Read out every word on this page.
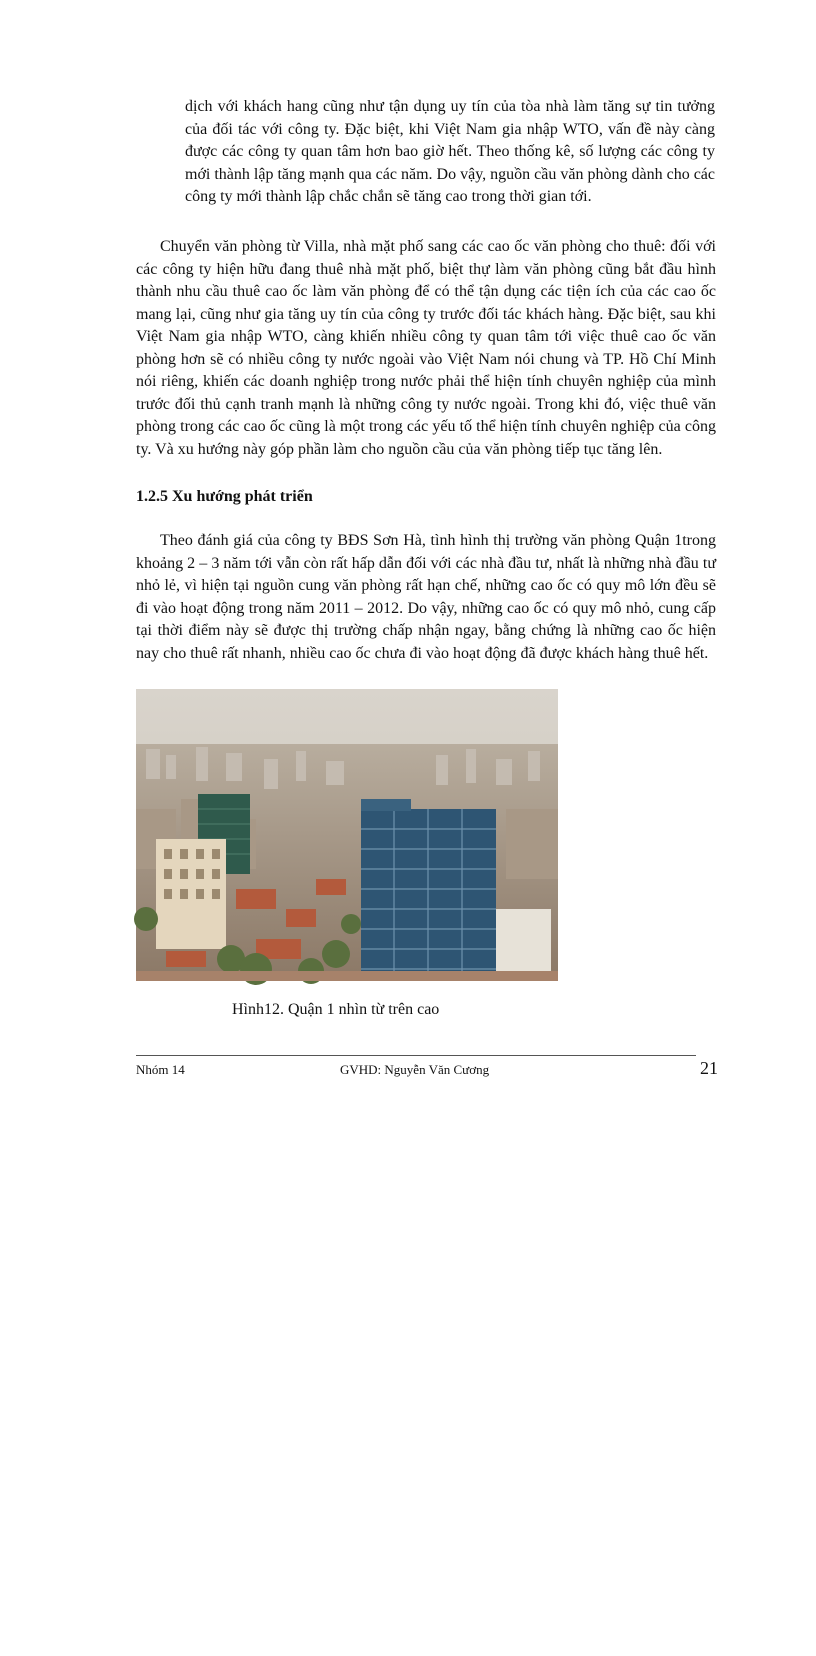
dịch với khách hang cũng như tận dụng uy tín của tòa nhà làm tăng sự tin tưởng của đối tác với công ty. Đặc biệt, khi Việt Nam gia nhập WTO, vấn đề này càng được các công ty quan tâm hơn bao giờ hết. Theo thống kê, số lượng các công ty mới thành lập tăng mạnh qua các năm. Do vậy, nguồn cầu văn phòng dành cho các công ty mới thành lập chắc chắn sẽ tăng cao trong thời gian tới.
Chuyển văn phòng từ Villa, nhà mặt phố sang các cao ốc văn phòng cho thuê: đối với các công ty hiện hữu đang thuê nhà mặt phố, biệt thự làm văn phòng cũng bắt đầu hình thành nhu cầu thuê cao ốc làm văn phòng để có thể tận dụng các tiện ích của các cao ốc mang lại, cũng như gia tăng uy tín của công ty trước đối tác khách hàng. Đặc biệt, sau khi Việt Nam gia nhập WTO, càng khiến nhiều công ty quan tâm tới việc thuê cao ốc văn phòng hơn sẽ có nhiều công ty nước ngoài vào Việt Nam nói chung và TP. Hồ Chí Minh nói riêng, khiến các doanh nghiệp trong nước phải thể hiện tính chuyên nghiệp của mình trước đối thủ cạnh tranh mạnh là những công ty nước ngoài. Trong khi đó, việc thuê văn phòng trong các cao ốc cũng là một trong các yếu tố thể hiện tính chuyên nghiệp của công ty. Và xu hướng này góp phần làm cho nguồn cầu của văn phòng tiếp tục tăng lên.
1.2.5 Xu hướng phát triển
Theo đánh giá của công ty BĐS Sơn Hà, tình hình thị trường văn phòng Quận 1trong khoảng 2 – 3 năm tới vẫn còn rất hấp dẫn đối với các nhà đầu tư, nhất là những nhà đầu tư nhỏ lẻ, vì hiện tại nguồn cung văn phòng rất hạn chế, những cao ốc có quy mô lớn đều sẽ đi vào hoạt động trong năm 2011 – 2012. Do vậy, những cao ốc có quy mô nhỏ, cung cấp tại thời điểm này sẽ được thị trường chấp nhận ngay, bằng chứng là những cao ốc hiện nay cho thuê rất nhanh, nhiều cao ốc chưa đi vào hoạt động đã được khách hàng thuê hết.
Ảnh.com
Hình12. Quận 1 nhìn từ trên cao
Nhóm 14	GVHD: Nguyễn Văn Cương	21
